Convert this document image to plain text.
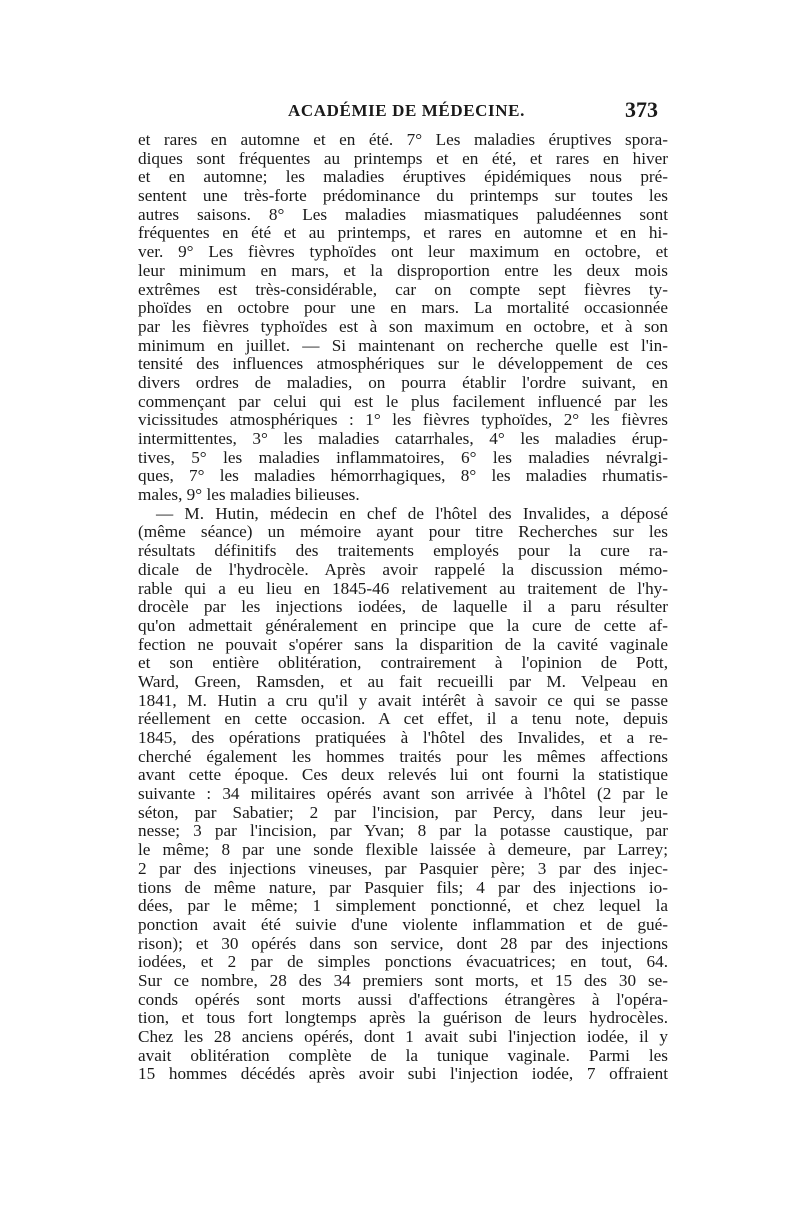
ACADÉMIE DE MÉDECINE.	373
et rares en automne et en été. 7° Les maladies éruptives spora-
diques sont fréquentes au printemps et en été, et rares en hiver
et en automne; les maladies éruptives épidémiques nous pré-
sentent une très-forte prédominance du printemps sur toutes les
autres saisons. 8° Les maladies miasmatiques paludéennes sont
fréquentes en été et au printemps, et rares en automne et en hi-
ver. 9° Les fièvres typhoïdes ont leur maximum en octobre, et
leur minimum en mars, et la disproportion entre les deux mois
extrêmes est très-considérable, car on compte sept fièvres ty-
phoïdes en octobre pour une en mars. La mortalité occasionnée
par les fièvres typhoïdes est à son maximum en octobre, et à son
minimum en juillet. — Si maintenant on recherche quelle est l'in-
tensité des influences atmosphériques sur le développement de ces
divers ordres de maladies, on pourra établir l'ordre suivant, en
commençant par celui qui est le plus facilement influencé par les
vicissitudes atmosphériques : 1° les fièvres typhoïdes, 2° les fièvres
intermittentes, 3° les maladies catarrhales, 4° les maladies érup-
tives, 5° les maladies inflammatoires, 6° les maladies névralgi-
ques, 7° les maladies hémorrhagiques, 8° les maladies rhumatis-
males, 9° les maladies bilieuses.
— M. Hutin, médecin en chef de l'hôtel des Invalides, a déposé
(même séance) un mémoire ayant pour titre Recherches sur les
résultats définitifs des traitements employés pour la cure ra-
dicale de l'hydrocèle. Après avoir rappelé la discussion mémo-
rable qui a eu lieu en 1845-46 relativement au traitement de l'hy-
drocèle par les injections iodées, de laquelle il a paru résulter
qu'on admettait généralement en principe que la cure de cette af-
fection ne pouvait s'opérer sans la disparition de la cavité vaginale
et son entière oblitération, contrairement à l'opinion de Pott,
Ward, Green, Ramsden, et au fait recueilli par M. Velpeau en
1841, M. Hutin a cru qu'il y avait intérêt à savoir ce qui se passe
réellement en cette occasion. A cet effet, il a tenu note, depuis
1845, des opérations pratiquées à l'hôtel des Invalides, et a re-
cherché également les hommes traités pour les mêmes affections
avant cette époque. Ces deux relevés lui ont fourni la statistique
suivante : 34 militaires opérés avant son arrivée à l'hôtel (2 par le
séton, par Sabatier; 2 par l'incision, par Percy, dans leur jeu-
nesse; 3 par l'incision, par Yvan; 8 par la potasse caustique, par
le même; 8 par une sonde flexible laissée à demeure, par Larrey;
2 par des injections vineuses, par Pasquier père; 3 par des injec-
tions de même nature, par Pasquier fils; 4 par des injections io-
dées, par le même; 1 simplement ponctionné, et chez lequel la
ponction avait été suivie d'une violente inflammation et de gué-
rison); et 30 opérés dans son service, dont 28 par des injections
iodées, et 2 par de simples ponctions évacuatrices; en tout, 64.
Sur ce nombre, 28 des 34 premiers sont morts, et 15 des 30 se-
conds opérés sont morts aussi d'affections étrangères à l'opéra-
tion, et tous fort longtemps après la guérison de leurs hydrocèles.
Chez les 28 anciens opérés, dont 1 avait subi l'injection iodée, il y
avait oblitération complète de la tunique vaginale. Parmi les
15 hommes décédés après avoir subi l'injection iodée, 7 offraient
